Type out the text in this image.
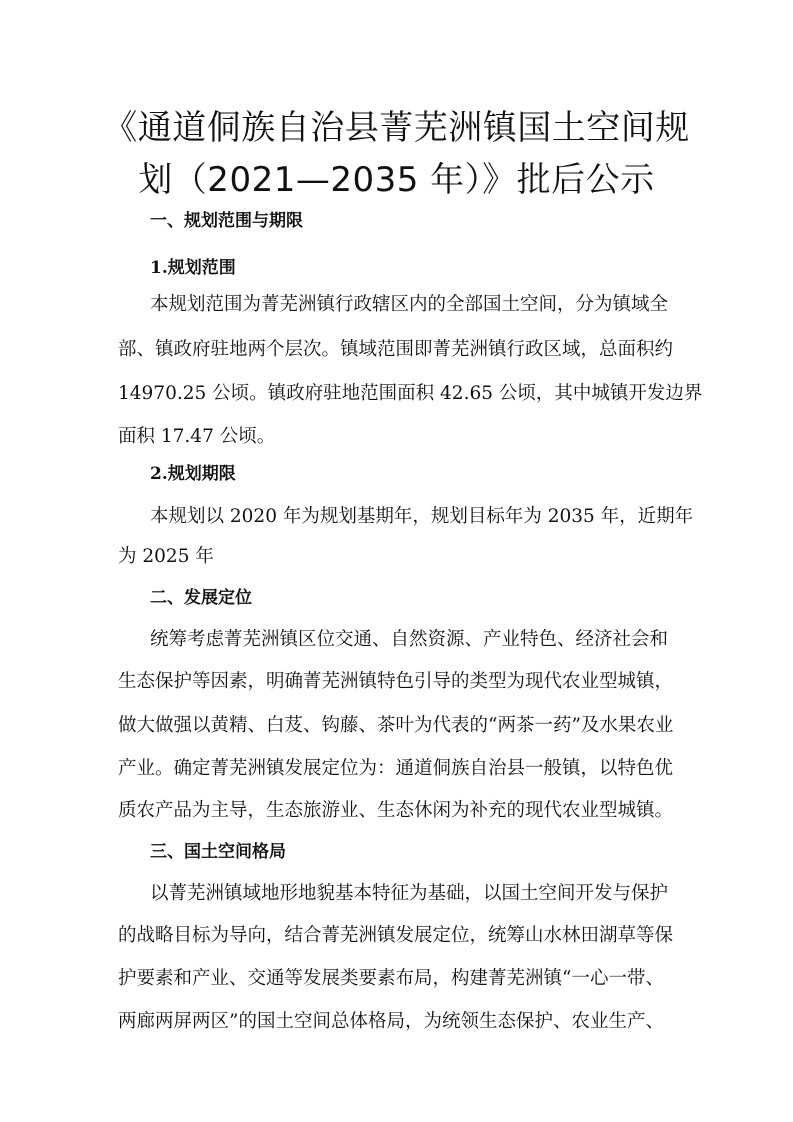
《通道侗族自治县菁芜洲镇国土空间规
划（2021—2035 年）》批后公示
一、规划范围与期限
1.规划范围
本规划范围为菁芜洲镇行政辖区内的全部国土空间，分为镇域全
部、镇政府驻地两个层次。镇域范围即菁芜洲镇行政区域，总面积约
14970.25 公顷。镇政府驻地范围面积 42.65 公顷，其中城镇开发边界
面积 17.47 公顷。
2.规划期限
本规划以 2020 年为规划基期年，规划目标年为 2035 年，近期年
为 2025 年
二、发展定位
统筹考虑菁芜洲镇区位交通、自然资源、产业特色、经济社会和
生态保护等因素，明确菁芜洲镇特色引导的类型为现代农业型城镇，
做大做强以黄精、白芨、钩藤、茶叶为代表的“两茶一药”及水果农业
产业。确定菁芜洲镇发展定位为：通道侗族自治县一般镇，以特色优
质农产品为主导，生态旅游业、生态休闲为补充的现代农业型城镇。
三、国土空间格局
以菁芜洲镇域地形地貌基本特征为基础，以国土空间开发与保护
的战略目标为导向，结合菁芜洲镇发展定位，统筹山水林田湖草等保
护要素和产业、交通等发展类要素布局，构建菁芜洲镇“一心一带、
两廊两屏两区”的国土空间总体格局，为统领生态保护、农业生产、
